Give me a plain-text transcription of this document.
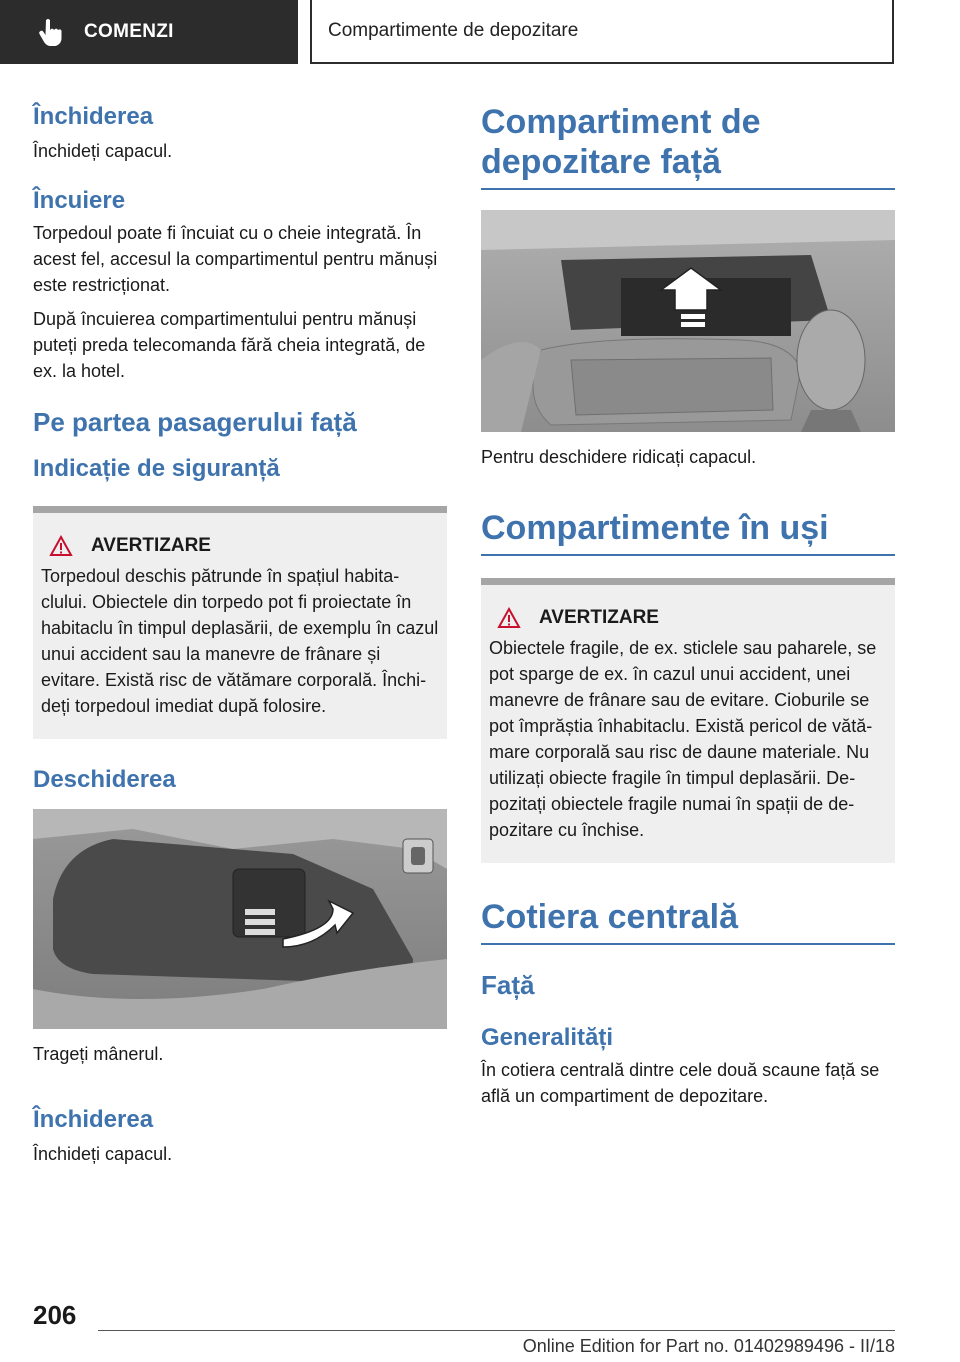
COMENZI	Compartimente de depozitare
Închiderea

Închideți capacul.

Încuiere

Torpedoul poate fi încuiat cu o cheie integrată. În acest fel, accesul la compartimentul pentru mănuși este restricționat.

După încuierea compartimentului pentru mănuși puteți preda telecomanda fără cheia integrată, de ex. la hotel.

Pe partea pasagerului față
Indicație de siguranță
AVERTIZARE

Torpedoul deschis pătrunde în spațiul habitaclului. Obiectele din torpedo pot fi proiectate în habitaclu în timpul deplasării, de exemplu în cazul unui accident sau la manevre de frânare și evitare. Există risc de vătămare corporală. Închideți torpedoul imediat după folosire.

Deschiderea

Trageți mânerul.

Închiderea

Închideți capacul.

Compartiment de depozitare față

Pentru deschidere ridicați capacul.

Compartimente în uși
AVERTIZARE

Obiectele fragile, de ex. sticlele sau paharele, se pot sparge de ex. în cazul unui accident, unei manevre de frânare sau de evitare. Cioburile se pot împrăștia înhabitaclu. Există pericol de vătămare corporală sau risc de daune materiale. Nu utilizați obiecte fragile în timpul deplasării. Depozitați obiectele fragile numai în spații de depozitare cu închise.

Cotiera centrală
Față
Generalități

În cotiera centrală dintre cele două scaune față se află un compartiment de depozitare.

206
Online Edition for Part no. 01402989496 - II/18
